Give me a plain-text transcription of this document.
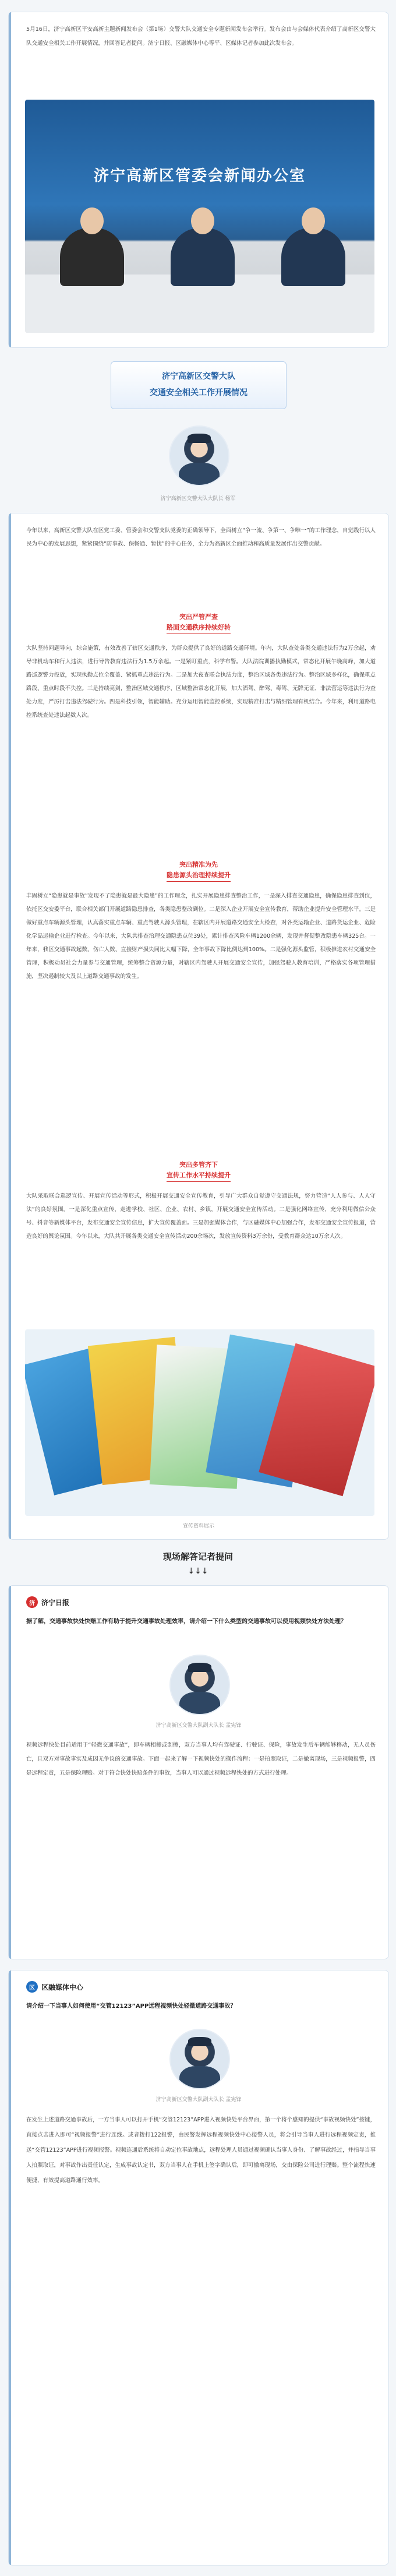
5月16日，济宁高新区平安高新主题新闻发布会（第1场）交警大队交通安全专题新闻发布会举行。发布会由与会媒体代表介绍了高新区交警大队交通安全相关工作开展情况，并回答记者提问。济宁日报、区融媒体中心等平、区媒体记者参加此次发布会。
济宁高新区管委会新闻办公室
济宁高新区交警大队
交通安全相关工作开展情况
济宁高新区交警大队大队长 杨军
今年以来，高新区交警大队在区党工委、管委会和交警支队党委的正确领导下，全面树立“争一流、争第一、争唯一”的工作理念，自觉践行以人民为中心的发展思想，紧紧围绕“防事故、保畅通、暂忧”的中心任务，全力为高新区全面推动和高质量发展作出交警贡献。
突出严管严查
路面交通秩序持续好转
大队坚持问题导向，综合施策，有效改善了辖区交通秩序，为群众提供了良好的道路交通环境。年内，大队查处各类交通违法行为2万余起，劝导非机动车和行人违法，进行导告教育违法行为1.5万余起。一是紧盯重点，科学布警。大队法院训播执勤模式，常态化开展午晚高峰，加大道路巡逻警力投放，实现执勤点位全覆盖、紧抓重点违法行为。二是加大夜查联合执法力度，整治区域各类违法行为。整治区域多样化，确保重点路段、重点时段不失控。三是持续亮剑，整治区域交通秩序，区域整治常态化开展，加大酒驾、醉驾、毒驾、无牌无证、非法营运等违法行为查处力度，严厉打击违法驾驶行为。四是科技引领，智能辅助。充分运用智能监控系统，实现精准打击与精细管理有机结合。今年来，利用道路电控系统查处违法起数人次。
突出精准为先
隐患源头治理持续提升
丰固树立“隐患就是事故”发现不了隐患就是最大隐患”的工作理念，扎实开展隐患排查整治工作，一是深入排查交通隐患，确保隐患排查到位，依托区交安委平台，联合相关部门开展道路隐患排查，各类隐患整改到位。二是深入企业开展安全宣传教育，帮助企业提升安全管理水平。三是做好重点车辆源头管理，认真落实重点车辆、重点驾驶人源头管理，在辖区内开展道路交通安全大检查，对各类运输企业、道路货运企业、危险化学品运输企业进行检查。今年以来，大队共排查治理交通隐患点位39处，累计排查风险车辆1200余辆，发现并督促整改隐患车辆325台。一年来，我区交通事故起数、伤亡人数、直接财产损失同比大幅下降，全年事故下降比例达到100%。二是强化源头监管，积极推进农村交通安全管理，积极动员社会力量参与交通管理，统筹整合资源力量，对辖区内驾驶人开展交通安全宣传，加强驾驶人教育培训，严格落实各项管理措施，坚决遏制较大及以上道路交通事故的发生。
突出多管齐下
宣传工作水平持续提升
大队采取联合巡逻宣传、开展宣传活动等形式，积极开展交通安全宣传教育，引导广大群众自觉遵守交通法规，努力营造“人人参与、人人守法”的良好氛围。一是深化重点宣传，走进学校、社区、企业、农村、乡镇，开展交通安全宣传活动。二是强化网络宣传，充分利用微信公众号、抖音等新媒体平台，发布交通安全宣传信息，扩大宣传覆盖面。三是加强媒体合作，与区融媒体中心加强合作，发布交通安全宣传报道，营造良好的舆论氛围。今年以来，大队共开展各类交通安全宣传活动200余场次，发放宣传资料3万余份，受教育群众达10万余人次。
宣传资料展示
现场解答记者提问
↓↓↓
济 济宁日报
据了解，交通事故快处快赔工作有助于提升交通事故处理效率，请介绍一下什么类型的交通事故可以使用视频快处方法处理？
济宁高新区交警大队副大队长 孟宪锋
视频远程快处目前适用于“轻微交通事故”，即车辆相撞或刮擦，双方当事人均有驾驶证、行驶证、保险，事故发生后车辆能够移动，无人员伤亡，且双方对事故事实及成因无争议的交通事故。下面一起来了解一下视频快处的操作流程：一是拍照取证，二是撤离现场，三是视频报警，四是远程定责，五是保险理赔。对于符合快处快赔条件的事故，当事人可以通过视频远程快处的方式进行处理。
区 区融媒体中心
请介绍一下当事人如何使用“交管12123”APP远程视频快处轻微道路交通事故？
济宁高新区交警大队副大队长 孟宪锋
在发生上述道路交通事故后，一方当事人可以打开手机“交管12123”APP进入视频快处平台界面，第一个将个感知的提供“事故视频快处”按键，直接点击进入即可“视频报警”进行连线。或者拨打122报警，由民警发挥远程视频快处中心接警人员，将会引导当事人进行远程视频定责，推送“交管12123”APP进行视频报警。视频连通后系统将自动定位事故地点，远程处理人员通过视频确认当事人身份、了解事故经过，并指导当事人拍照取证，对事故作出责任认定，生成事故认定书，双方当事人在手机上签字确认后，即可撤离现场，交由保险公司进行理赔。整个流程快速便捷，有效提高道路通行效率。
